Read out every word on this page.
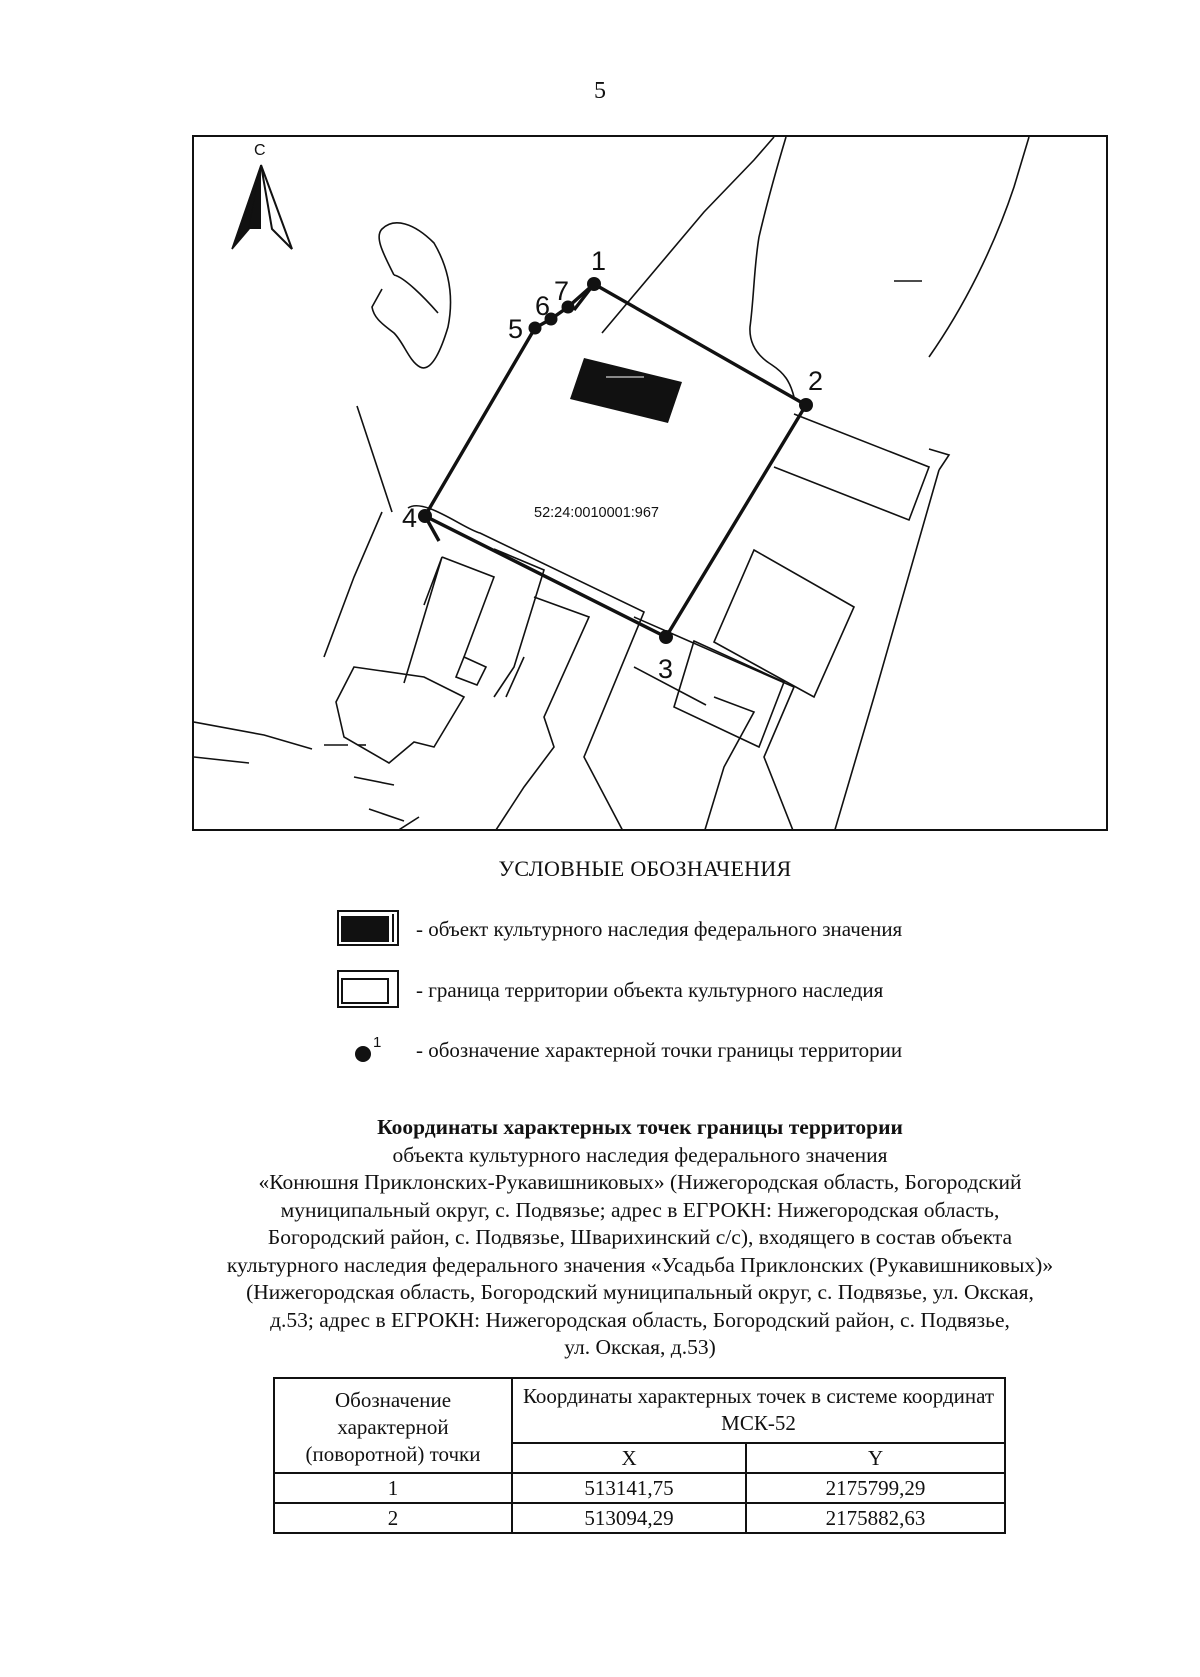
5
С
52:24:0010001:967
1
2
3
4
5
6 7
УСЛОВНЫЕ ОБОЗНАЧЕНИЯ
- объект культурного наследия федерального значения
- граница территории объекта культурного наследия
1 - обозначение характерной точки границы территории
Координаты характерных точек границы территории
объекта культурного наследия федерального значения
«Конюшня Приклонских-Рукавишниковых» (Нижегородская область, Богородский
муниципальный округ, с. Подвязье; адрес в ЕГРОКН: Нижегородская область,
Богородский район, с. Подвязье, Шварихинский с/с), входящего в состав объекта
культурного наследия федерального значения «Усадьба Приклонских (Рукавишниковых)»
(Нижегородская область, Богородский муниципальный округ, с. Подвязье, ул. Окская,
д.53; адрес в ЕГРОКН: Нижегородская область, Богородский район, с. Подвязье,
ул. Окская, д.53)
Обозначение характерной (поворотной) точки	Координаты характерных точек в системе координат МСК-52	
	X	Y
1	513141,75	2175799,29
2	513094,29	2175882,63
